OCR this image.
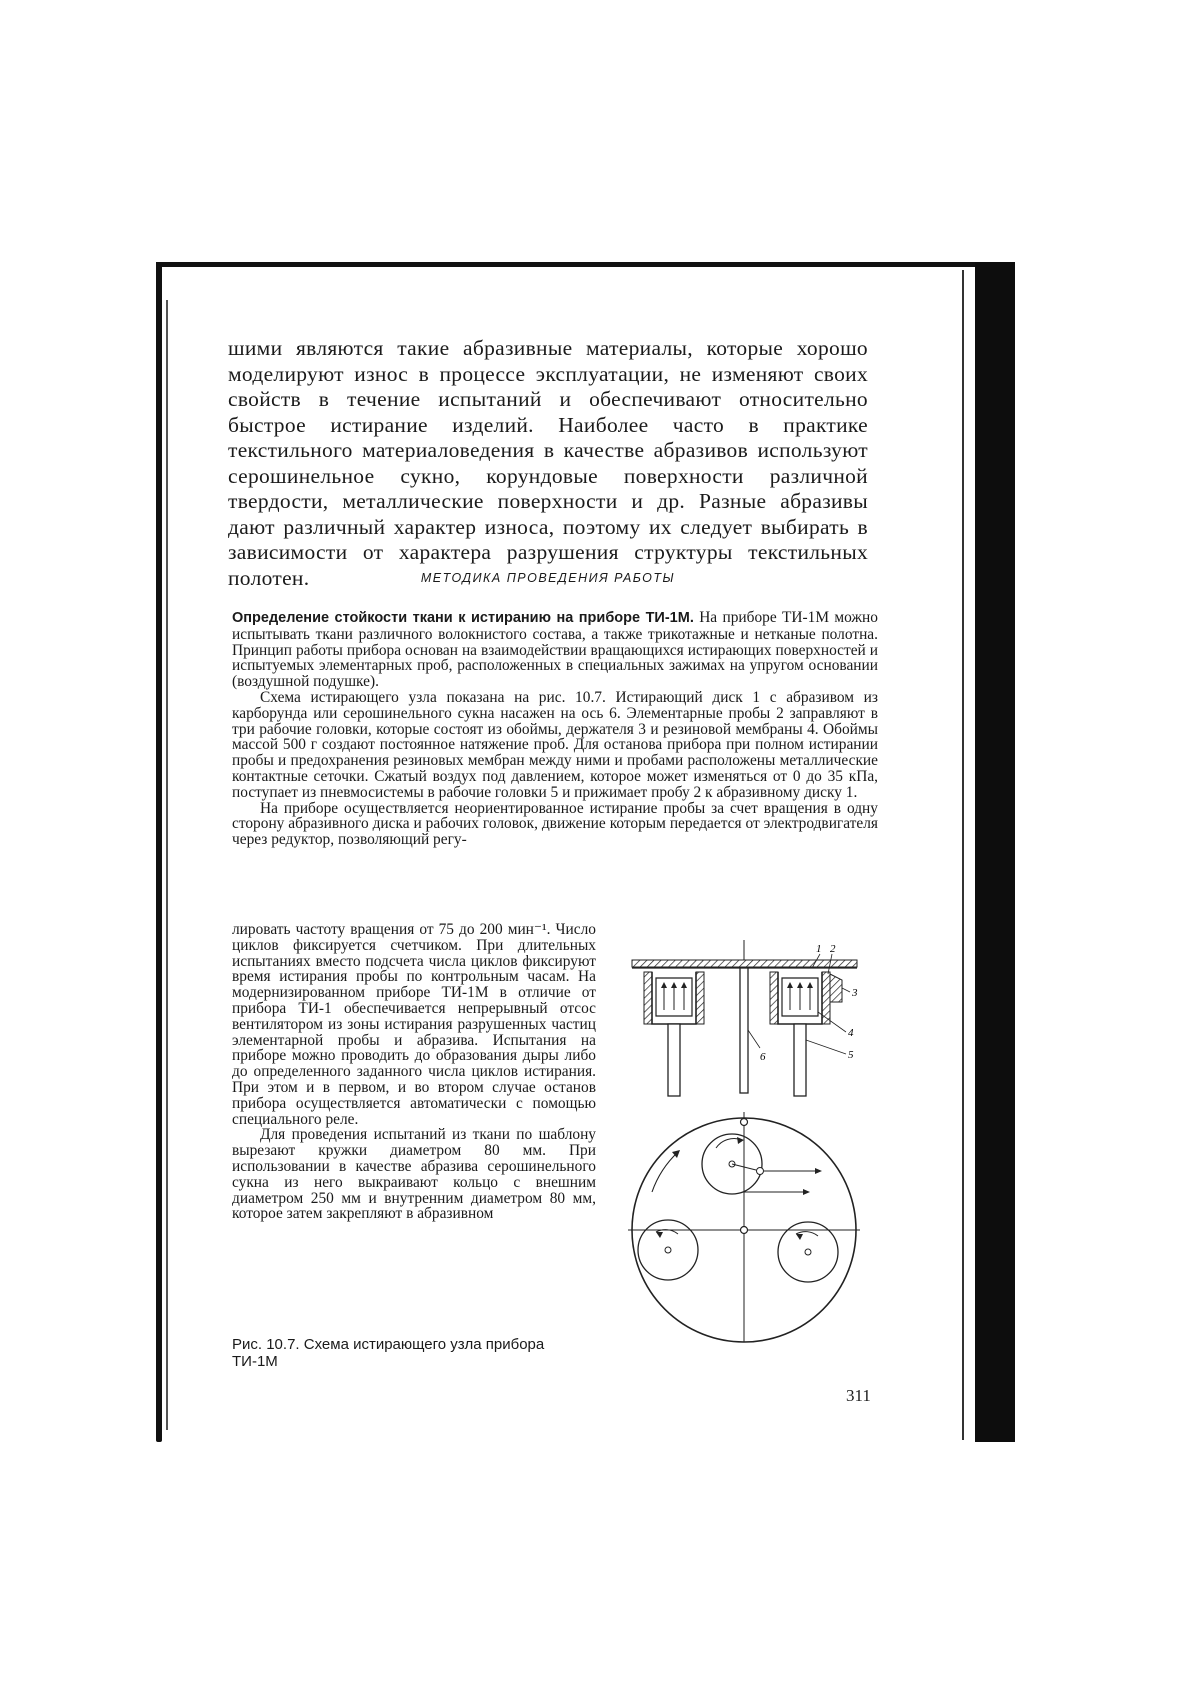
шими являются такие абразивные материалы, которые хорошо моделируют износ в процессе эксплуатации, не изменяют своих свойств в течение испытаний и обеспечивают относительно быстрое истирание изделий. Наиболее часто в практике текстильного материаловедения в качестве абразивов используют серошинельное сукно, корундовые поверхности различной твердости, металлические поверхности и др. Разные абразивы дают различный характер износа, поэтому их следует выбирать в зависимости от характера разрушения структуры текстильных полотен.	МЕТОДИКА ПРОВЕДЕНИЯ РАБОТЫ

Определение стойкости ткани к истиранию на приборе ТИ-1М. На приборе ТИ-1М можно испытывать ткани различного волокнистого состава, а также трикотажные и нетканые полотна. Принцип работы прибора основан на взаимодействии вращающихся истирающих поверхностей и испытуемых элементарных проб, расположенных в специальных зажимах на упругом основании (воздушной подушке).

Схема истирающего узла показана на рис. 10.7. Истирающий диск 1 с абразивом из карборунда или серошинельного сукна насажен на ось 6. Элементарные пробы 2 заправляют в три рабочие головки, которые состоят из обоймы, держателя 3 и резиновой мембраны 4. Обоймы массой 500 г создают постоянное натяжение проб. Для останова прибора при полном истирании пробы и предохранения резиновых мембран между ними и пробами расположены металлические контактные сеточки. Сжатый воздух под давлением, которое может изменяться от 0 до 35 кПа, поступает из пневмосистемы в рабочие головки 5 и прижимает пробу 2 к абразивному диску 1.

На приборе осуществляется неориентированное истирание пробы за счет вращения в одну сторону абразивного диска и рабочих головок, движение которым передается от электродвигателя через редуктор, позволяющий регу-

лировать частоту вращения от 75 до 200 мин⁻¹. Число циклов фиксируется счетчиком. При длительных испытаниях вместо подсчета числа циклов фиксируют время истирания пробы по контрольным часам. На модернизированном приборе ТИ-1М в отличие от прибора ТИ-1 обеспечивается непрерывный отсос вентилятором из зоны истирания разрушенных частиц элементарной пробы и абразива. Испытания на приборе можно проводить до образования дыры либо до определенного заданного числа циклов истирания. При этом и в первом, и во втором случае останов прибора осуществляется автоматически с помощью специального реле.

Для проведения испытаний из ткани по шаблону вырезают кружки диаметром 80 мм. При использовании в качестве абразива серошинельного сукна из него выкраивают кольцо с внешним диаметром 250 мм и внутренним диаметром 80 мм, которое затем закрепляют в абразивном

Рис. 10.7. Схема истирающего узла прибора ТИ-1М
1 2
3
4
5
6
311
